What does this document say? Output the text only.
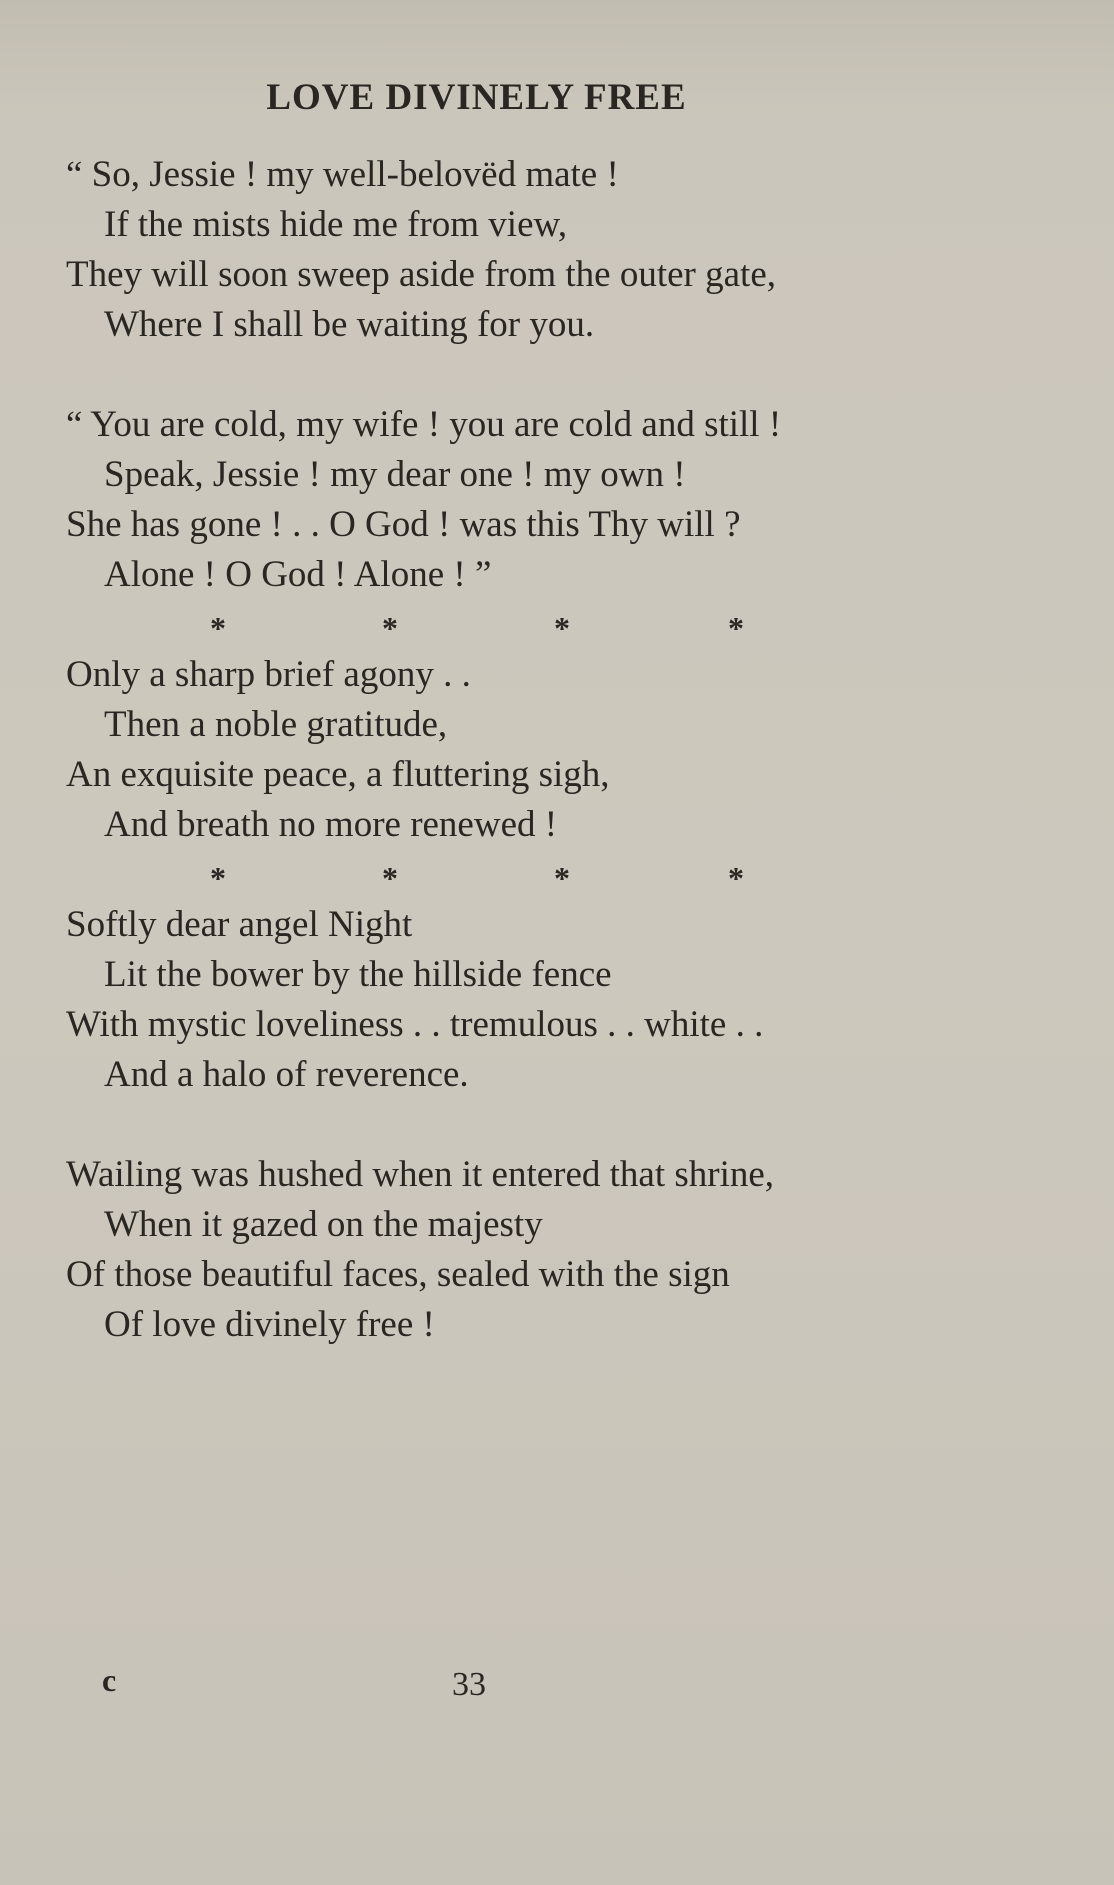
LOVE DIVINELY FREE
“ So, Jessie ! my well-belovëd mate !
If the mists hide me from view,
They will soon sweep aside from the outer gate,
Where I shall be waiting for you.
“ You are cold, my wife ! you are cold and still !
Speak, Jessie ! my dear one ! my own !
She has gone ! . . O God ! was this Thy will ?
Alone ! O God ! Alone ! ”
*	*	*	*
Only a sharp brief agony . .
Then a noble gratitude,
An exquisite peace, a fluttering sigh,
And breath no more renewed !
*	*	*	*
Softly dear angel Night
Lit the bower by the hillside fence
With mystic loveliness . . tremulous . . white . .
And a halo of reverence.
Wailing was hushed when it entered that shrine,
When it gazed on the majesty
Of those beautiful faces, sealed with the sign
Of love divinely free !
c	33
